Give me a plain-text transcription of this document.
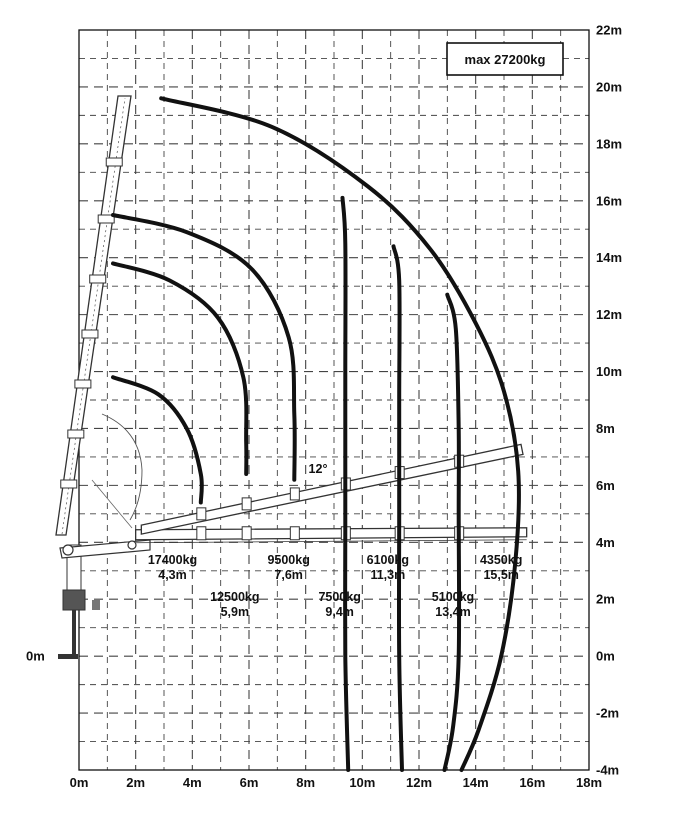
17400kg
4,3m
12500kg
5,9m
9500kg
7,6m
7500kg
9,4m
6100kg
11,3m
5100kg
13,4m
4350kg
15,5m
0m	2m	4m	6m	8m	10m 12m 14m 16m 18m
22m
20m
18m
16m
14m
12m
10m
8m
6m
4m
2m
0m
-2m
-4m
0m
max 27200kg
12°
